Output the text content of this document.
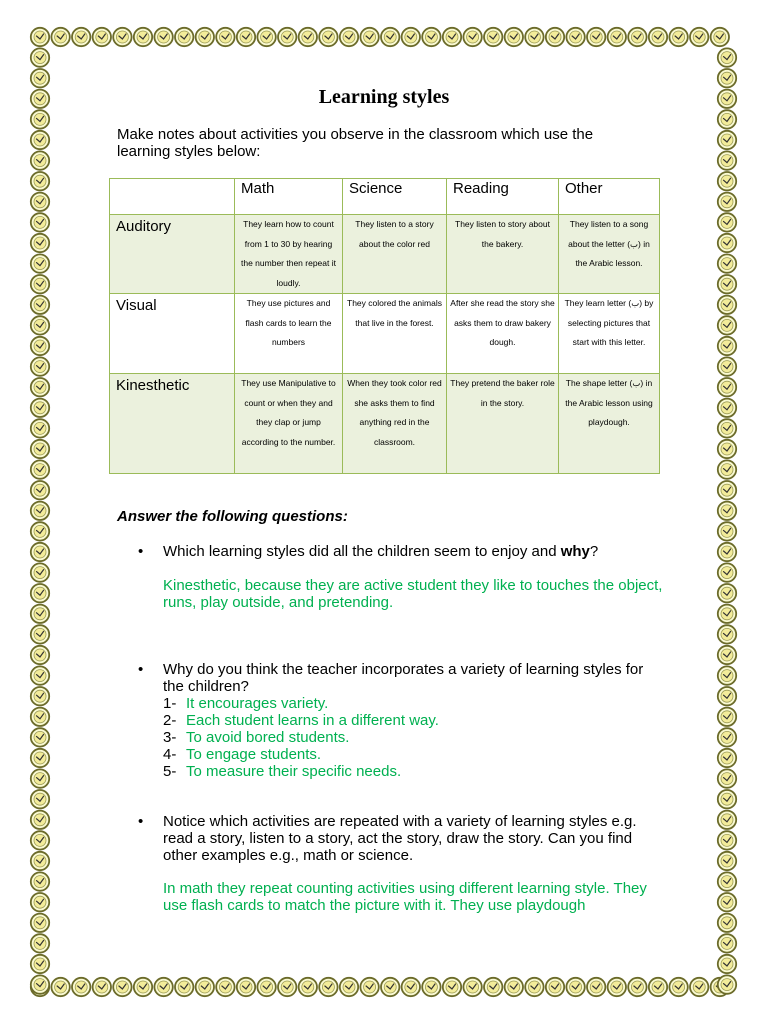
Learning styles

Make notes about activities you observe in the classroom which use the learning styles below:

	Math	Science	Reading	Other

Auditory	They learn how to count from 1 to 30 by hearing the number then repeat it loudly.	They listen to a story about the color red	They listen to story about the bakery.	They listen to a song about the letter (ب) in the Arabic lesson.
Visual	They use pictures and flash cards to learn the numbers	They colored the animals that live in the forest.	After she read the story she asks them to draw bakery dough.	They learn letter (ب) by selecting pictures that start with this letter.
Kinesthetic	They use Manipulative to count or when they and they clap or jump according to the number.	When they took color red she asks them to find anything red in the classroom.	They pretend the baker role in the story.	The shape letter (ب) in the Arabic lesson using playdough.

Answer the following questions:

• Which learning styles did all the children seem to enjoy and why?

Kinesthetic, because they are active student they like to touches the object, runs, play outside, and pretending.

• Why do you think the teacher incorporates a variety of learning styles for the children?

1- It encourages variety.
2- Each student learns in a different way.
3- To avoid bored students.
4- To engage students.
5- To measure their specific needs.
• Notice which activities are repeated with a variety of learning styles e.g. read a story, listen to a story, act the story, draw the story. Can you find other examples e.g., math or science.

In math they repeat counting activities using different learning style. They use flash cards to match the picture with it. They use playdough
